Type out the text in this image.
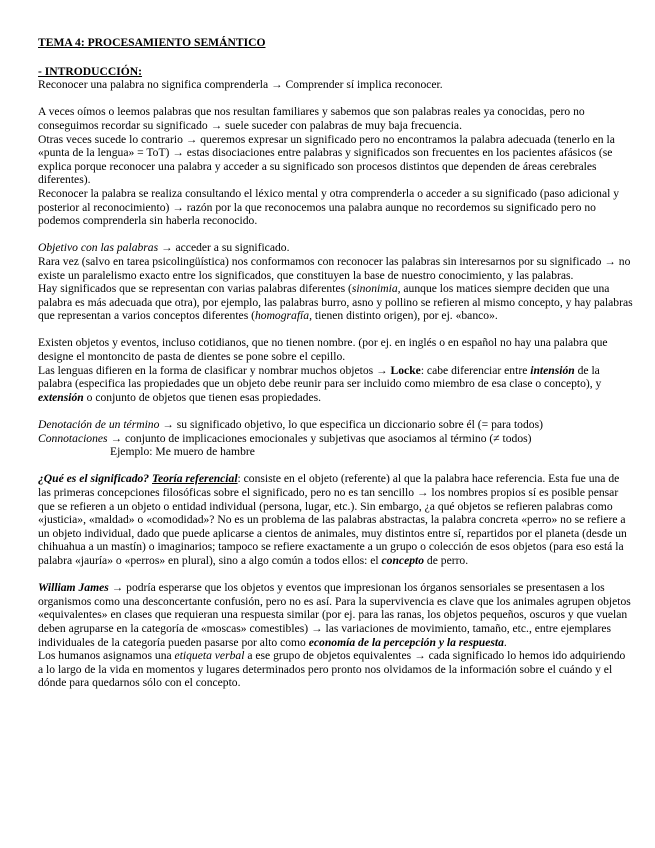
TEMA 4: PROCESAMIENTO SEMÁNTICO

- INTRODUCCIÓN:

Reconocer una palabra no significa comprenderla → Comprender sí implica reconocer.

A veces oímos o leemos palabras que nos resultan familiares y sabemos que son palabras reales ya conocidas, pero no conseguimos recordar su significado → suele suceder con palabras de muy baja frecuencia.

Otras veces sucede lo contrario → queremos expresar un significado pero no encontramos la palabra adecuada (tenerlo en la «punta de la lengua» = ToT) → estas disociaciones entre palabras y significados son frecuentes en los pacientes afásicos (se explica porque reconocer una palabra y acceder a su significado son procesos distintos que dependen de áreas cerebrales diferentes).

Reconocer la palabra se realiza consultando el léxico mental y otra comprenderla o acceder a su significado (paso adicional y posterior al reconocimiento) → razón por la que reconocemos una palabra aunque no recordemos su significado pero no podemos comprenderla sin haberla reconocido.

Objetivo con las palabras → acceder a su significado.

Rara vez (salvo en tarea psicolingüística) nos conformamos con reconocer las palabras sin interesarnos por su significado → no existe un paralelismo exacto entre los significados, que constituyen la base de nuestro conocimiento, y las palabras.

Hay significados que se representan con varias palabras diferentes (sinonimia, aunque los matices siempre deciden que una palabra es más adecuada que otra), por ejemplo, las palabras burro, asno y pollino se refieren al mismo concepto, y hay palabras que representan a varios conceptos diferentes (homografía, tienen distinto origen), por ej. «banco».

Existen objetos y eventos, incluso cotidianos, que no tienen nombre. (por ej. en inglés o en español no hay una palabra que designe el montoncito de pasta de dientes se pone sobre el cepillo.

Las lenguas difieren en la forma de clasificar y nombrar muchos objetos → Locke: cabe diferenciar entre intensión de la palabra (especifica las propiedades que un objeto debe reunir para ser incluido como miembro de esa clase o concepto), y extensión o conjunto de objetos que tienen esas propiedades.

Denotación de un término → su significado objetivo, lo que especifica un diccionario sobre él (= para todos)

Connotaciones → conjunto de implicaciones emocionales y subjetivas que asociamos al término (≠ todos)

Ejemplo: Me muero de hambre

¿Qué es el significado? Teoría referencial: consiste en el objeto (referente) al que la palabra hace referencia. Esta fue una de las primeras concepciones filosóficas sobre el significado, pero no es tan sencillo → los nombres propios sí es posible pensar que se refieren a un objeto o entidad individual (persona, lugar, etc.). Sin embargo, ¿a qué objetos se refieren palabras como «justicia», «maldad» o «comodidad»? No es un problema de las palabras abstractas, la palabra concreta «perro» no se refiere a un objeto individual, dado que puede aplicarse a cientos de animales, muy distintos entre sí, repartidos por el planeta (desde un chihuahua a un mastín) o imaginarios; tampoco se refiere exactamente a un grupo o colección de esos objetos (para eso está la palabra «jauría» o «perros» en plural), sino a algo común a todos ellos: el concepto de perro.

William James → podría esperarse que los objetos y eventos que impresionan los órganos sensoriales se presentasen a los organismos como una desconcertante confusión, pero no es así. Para la supervivencia es clave que los animales agrupen objetos «equivalentes» en clases que requieran una respuesta similar (por ej. para las ranas, los objetos pequeños, oscuros y que vuelan deben agruparse en la categoría de «moscas» comestibles) → las variaciones de movimiento, tamaño, etc., entre ejemplares individuales de la categoría pueden pasarse por alto como economía de la percepción y la respuesta.

Los humanos asignamos una etiqueta verbal a ese grupo de objetos equivalentes → cada significado lo hemos ido adquiriendo a lo largo de la vida en momentos y lugares determinados pero pronto nos olvidamos de la información sobre el cuándo y el dónde para quedarnos sólo con el concepto.
